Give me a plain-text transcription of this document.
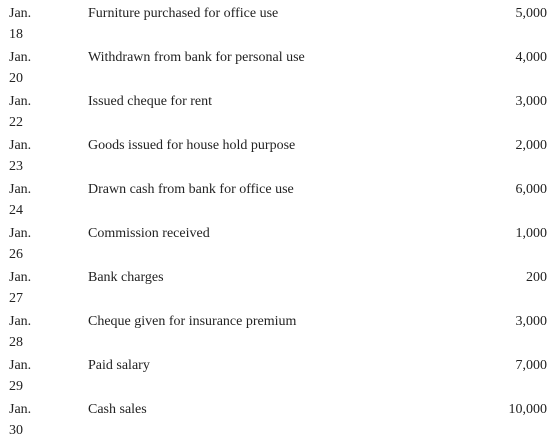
Jan.
18
Furniture purchased for office use	5,000
Jan.
20
Withdrawn from bank for personal use	4,000
Jan.
22
Issued cheque for rent	3,000
Jan.
23
Goods issued for house hold purpose	2,000
Jan.
24
Drawn cash from bank for office use	6,000
Jan.
26
Commission received	1,000
Jan.
27
Bank charges	200
Jan.
28
Cheque given for insurance premium	3,000
Jan.
29
Paid salary	7,000
Jan.
30
Cash sales	10,000
